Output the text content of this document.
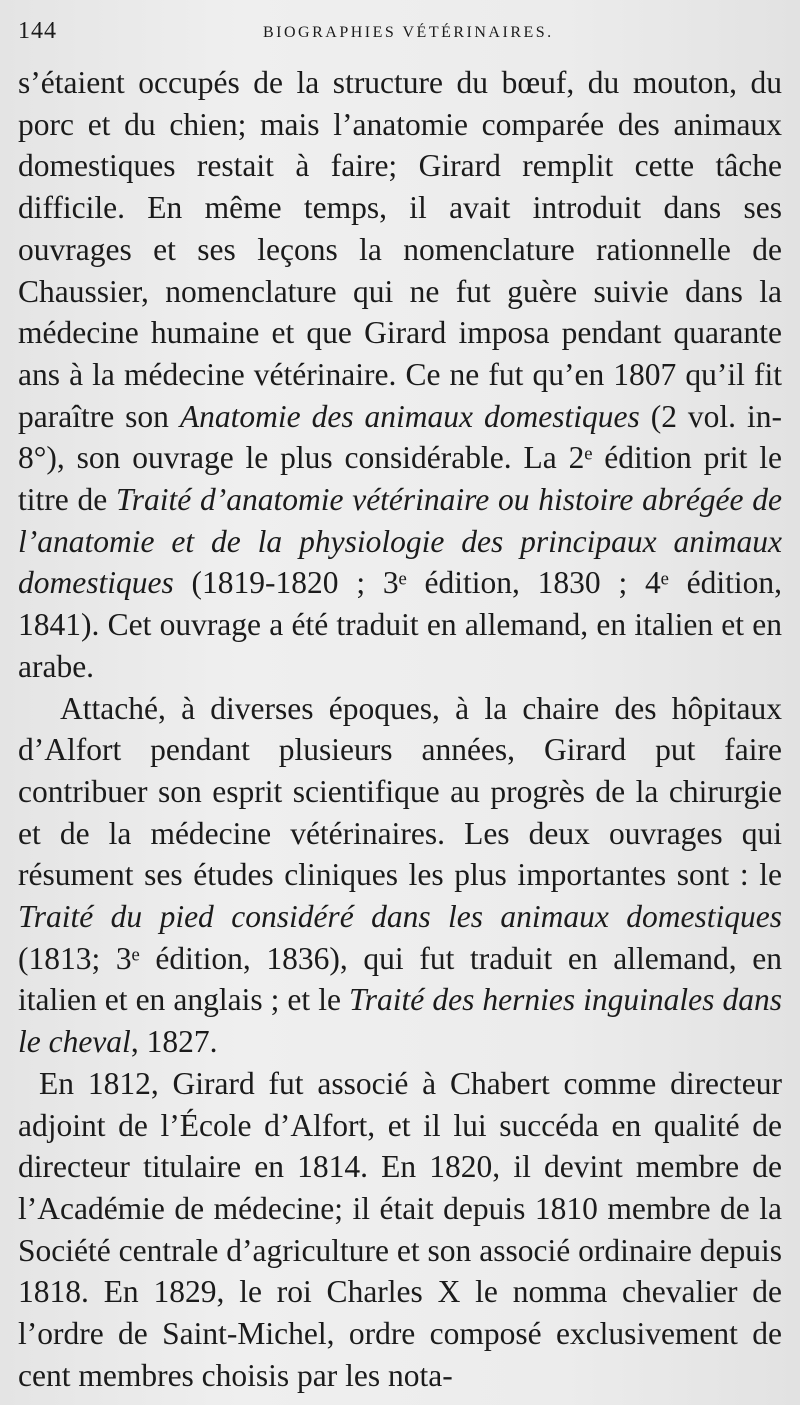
144	BIOGRAPHIES VÉTÉRINAIRES.

s’étaient occupés de la structure du bœuf, du mouton, du porc et du chien; mais l’anatomie comparée des animaux domestiques restait à faire; Girard remplit cette tâche difficile. En même temps, il avait introduit dans ses ouvrages et ses leçons la nomenclature rationnelle de Chaussier, nomenclature qui ne fut guère suivie dans la médecine humaine et que Girard imposa pendant quarante ans à la médecine vétérinaire. Ce ne fut qu’en 1807 qu’il fit paraître son Anatomie des animaux domestiques (2 vol. in-8°), son ouvrage le plus considérable. La 2ᵉ édition prit le titre de Traité d’anatomie vétérinaire ou histoire abrégée de l’anatomie et de la physiologie des principaux animaux domestiques (1819-1820 ; 3ᵉ édition, 1830 ; 4ᵉ édition, 1841). Cet ouvrage a été traduit en allemand, en italien et en arabe.

Attaché, à diverses époques, à la chaire des hôpitaux d’Alfort pendant plusieurs années, Girard put faire contribuer son esprit scientifique au progrès de la chirurgie et de la médecine vétérinaires. Les deux ouvrages qui résument ses études cliniques les plus importantes sont : le Traité du pied considéré dans les animaux domestiques (1813; 3ᵉ édition, 1836), qui fut traduit en allemand, en italien et en anglais ; et le Traité des hernies inguinales dans le cheval, 1827.

En 1812, Girard fut associé à Chabert comme directeur adjoint de l’École d’Alfort, et il lui succéda en qualité de directeur titulaire en 1814. En 1820, il devint membre de l’Académie de médecine; il était depuis 1810 membre de la Société centrale d’agriculture et son associé ordinaire depuis 1818. En 1829, le roi Charles X le nomma chevalier de l’ordre de Saint-Michel, ordre composé exclusivement de cent membres choisis par les nota-
